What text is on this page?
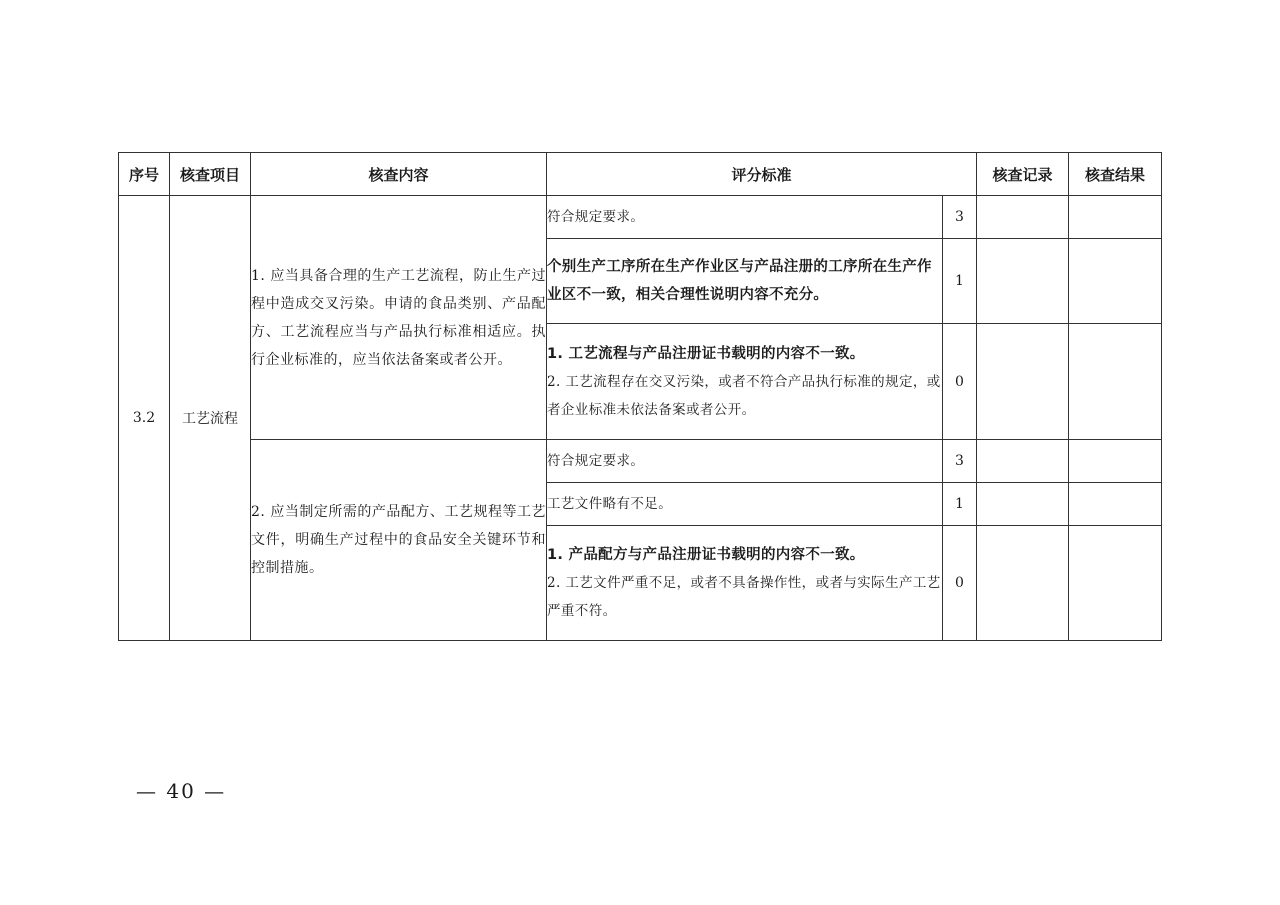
序号	核查项目	核查内容	评分标准		核查记录	核查结果
3.2	工艺流程	1. 应当具备合理的生产工艺流程，防止生产过程中造成交叉污染。申请的食品类别、产品配方、工艺流程应当与产品执行标准相适应。执行企业标准的，应当依法备案或者公开。	符合规定要求。	3		

			个别生产工序所在生产作业区与产品注册的工序所在生产作业区不一致，相关合理性说明内容不充分。	1		

			1. 工艺流程与产品注册证书载明的内容不一致。
2. 工艺流程存在交叉污染，或者不符合产品执行标准的规定，或者企业标准未依法备案或者公开。	0		
		2. 应当制定所需的产品配方、工艺规程等工艺文件，明确生产过程中的食品安全关键环节和控制措施。	符合规定要求。	3		

			工艺文件略有不足。	1		

			1. 产品配方与产品注册证书载明的内容不一致。
2. 工艺文件严重不足，或者不具备操作性，或者与实际生产工艺严重不符。	0		
— 40 —
